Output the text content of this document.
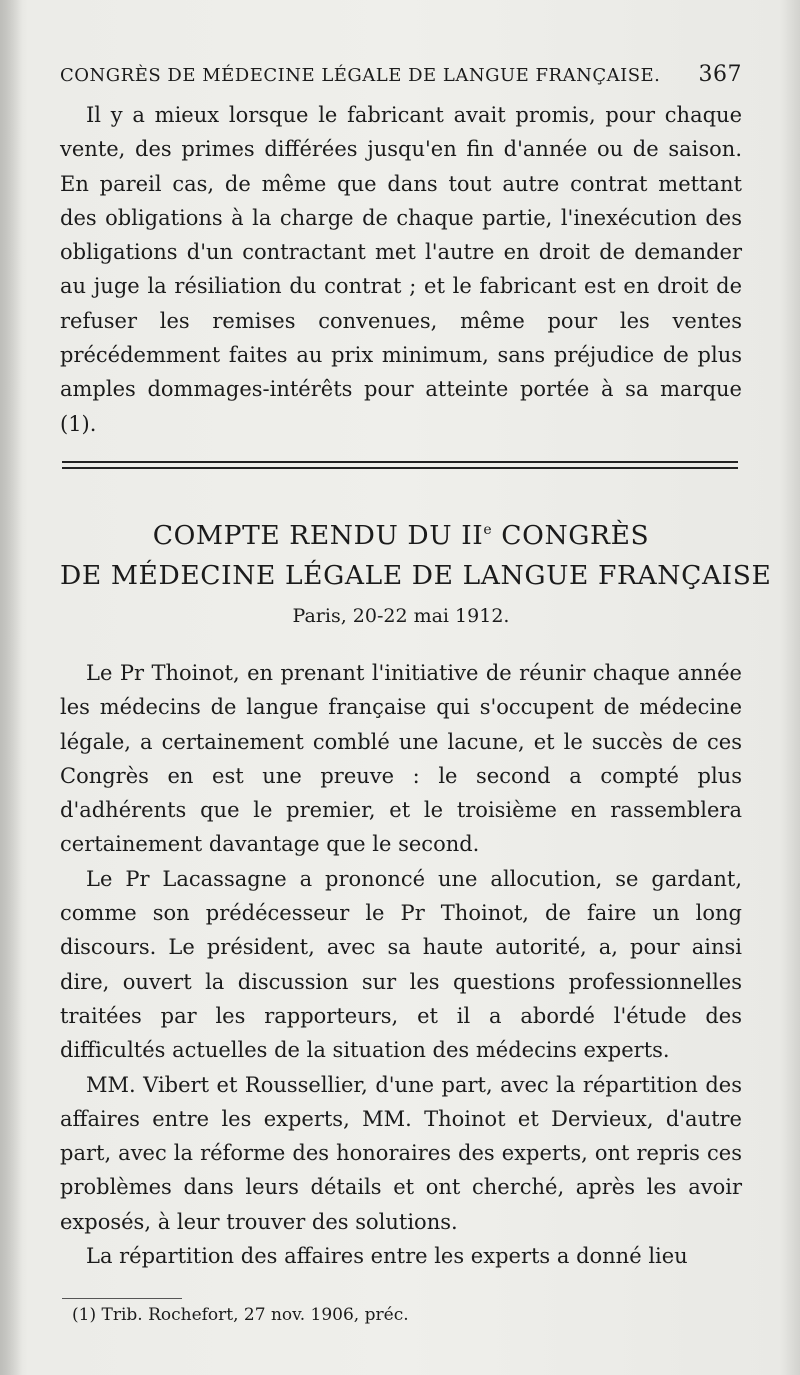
CONGRÈS DE MÉDECINE LÉGALE DE LANGUE FRANÇAISE. 367

Il y a mieux lorsque le fabricant avait promis, pour chaque vente, des primes différées jusqu'en fin d'année ou de saison. En pareil cas, de même que dans tout autre contrat mettant des obligations à la charge de chaque partie, l'inexécution des obligations d'un contractant met l'autre en droit de demander au juge la résiliation du contrat ; et le fabricant est en droit de refuser les remises convenues, même pour les ventes précédemment faites au prix minimum, sans préjudice de plus amples dommages-intérêts pour atteinte portée à sa marque (1).

COMPTE RENDU DU IIe CONGRÈS
DE MÉDECINE LÉGALE DE LANGUE FRANÇAISE
Paris, 20-22 mai 1912.

Le Pr Thoinot, en prenant l'initiative de réunir chaque année les médecins de langue française qui s'occupent de médecine légale, a certainement comblé une lacune, et le succès de ces Congrès en est une preuve : le second a compté plus d'adhérents que le premier, et le troisième en rassemblera certainement davantage que le second.

Le Pr Lacassagne a prononcé une allocution, se gardant, comme son prédécesseur le Pr Thoinot, de faire un long discours. Le président, avec sa haute autorité, a, pour ainsi dire, ouvert la discussion sur les questions professionnelles traitées par les rapporteurs, et il a abordé l'étude des difficultés actuelles de la situation des médecins experts.

MM. Vibert et Roussellier, d'une part, avec la répartition des affaires entre les experts, MM. Thoinot et Dervieux, d'autre part, avec la réforme des honoraires des experts, ont repris ces problèmes dans leurs détails et ont cherché, après les avoir exposés, à leur trouver des solutions.

La répartition des affaires entre les experts a donné lieu

(1) Trib. Rochefort, 27 nov. 1906, préc.
